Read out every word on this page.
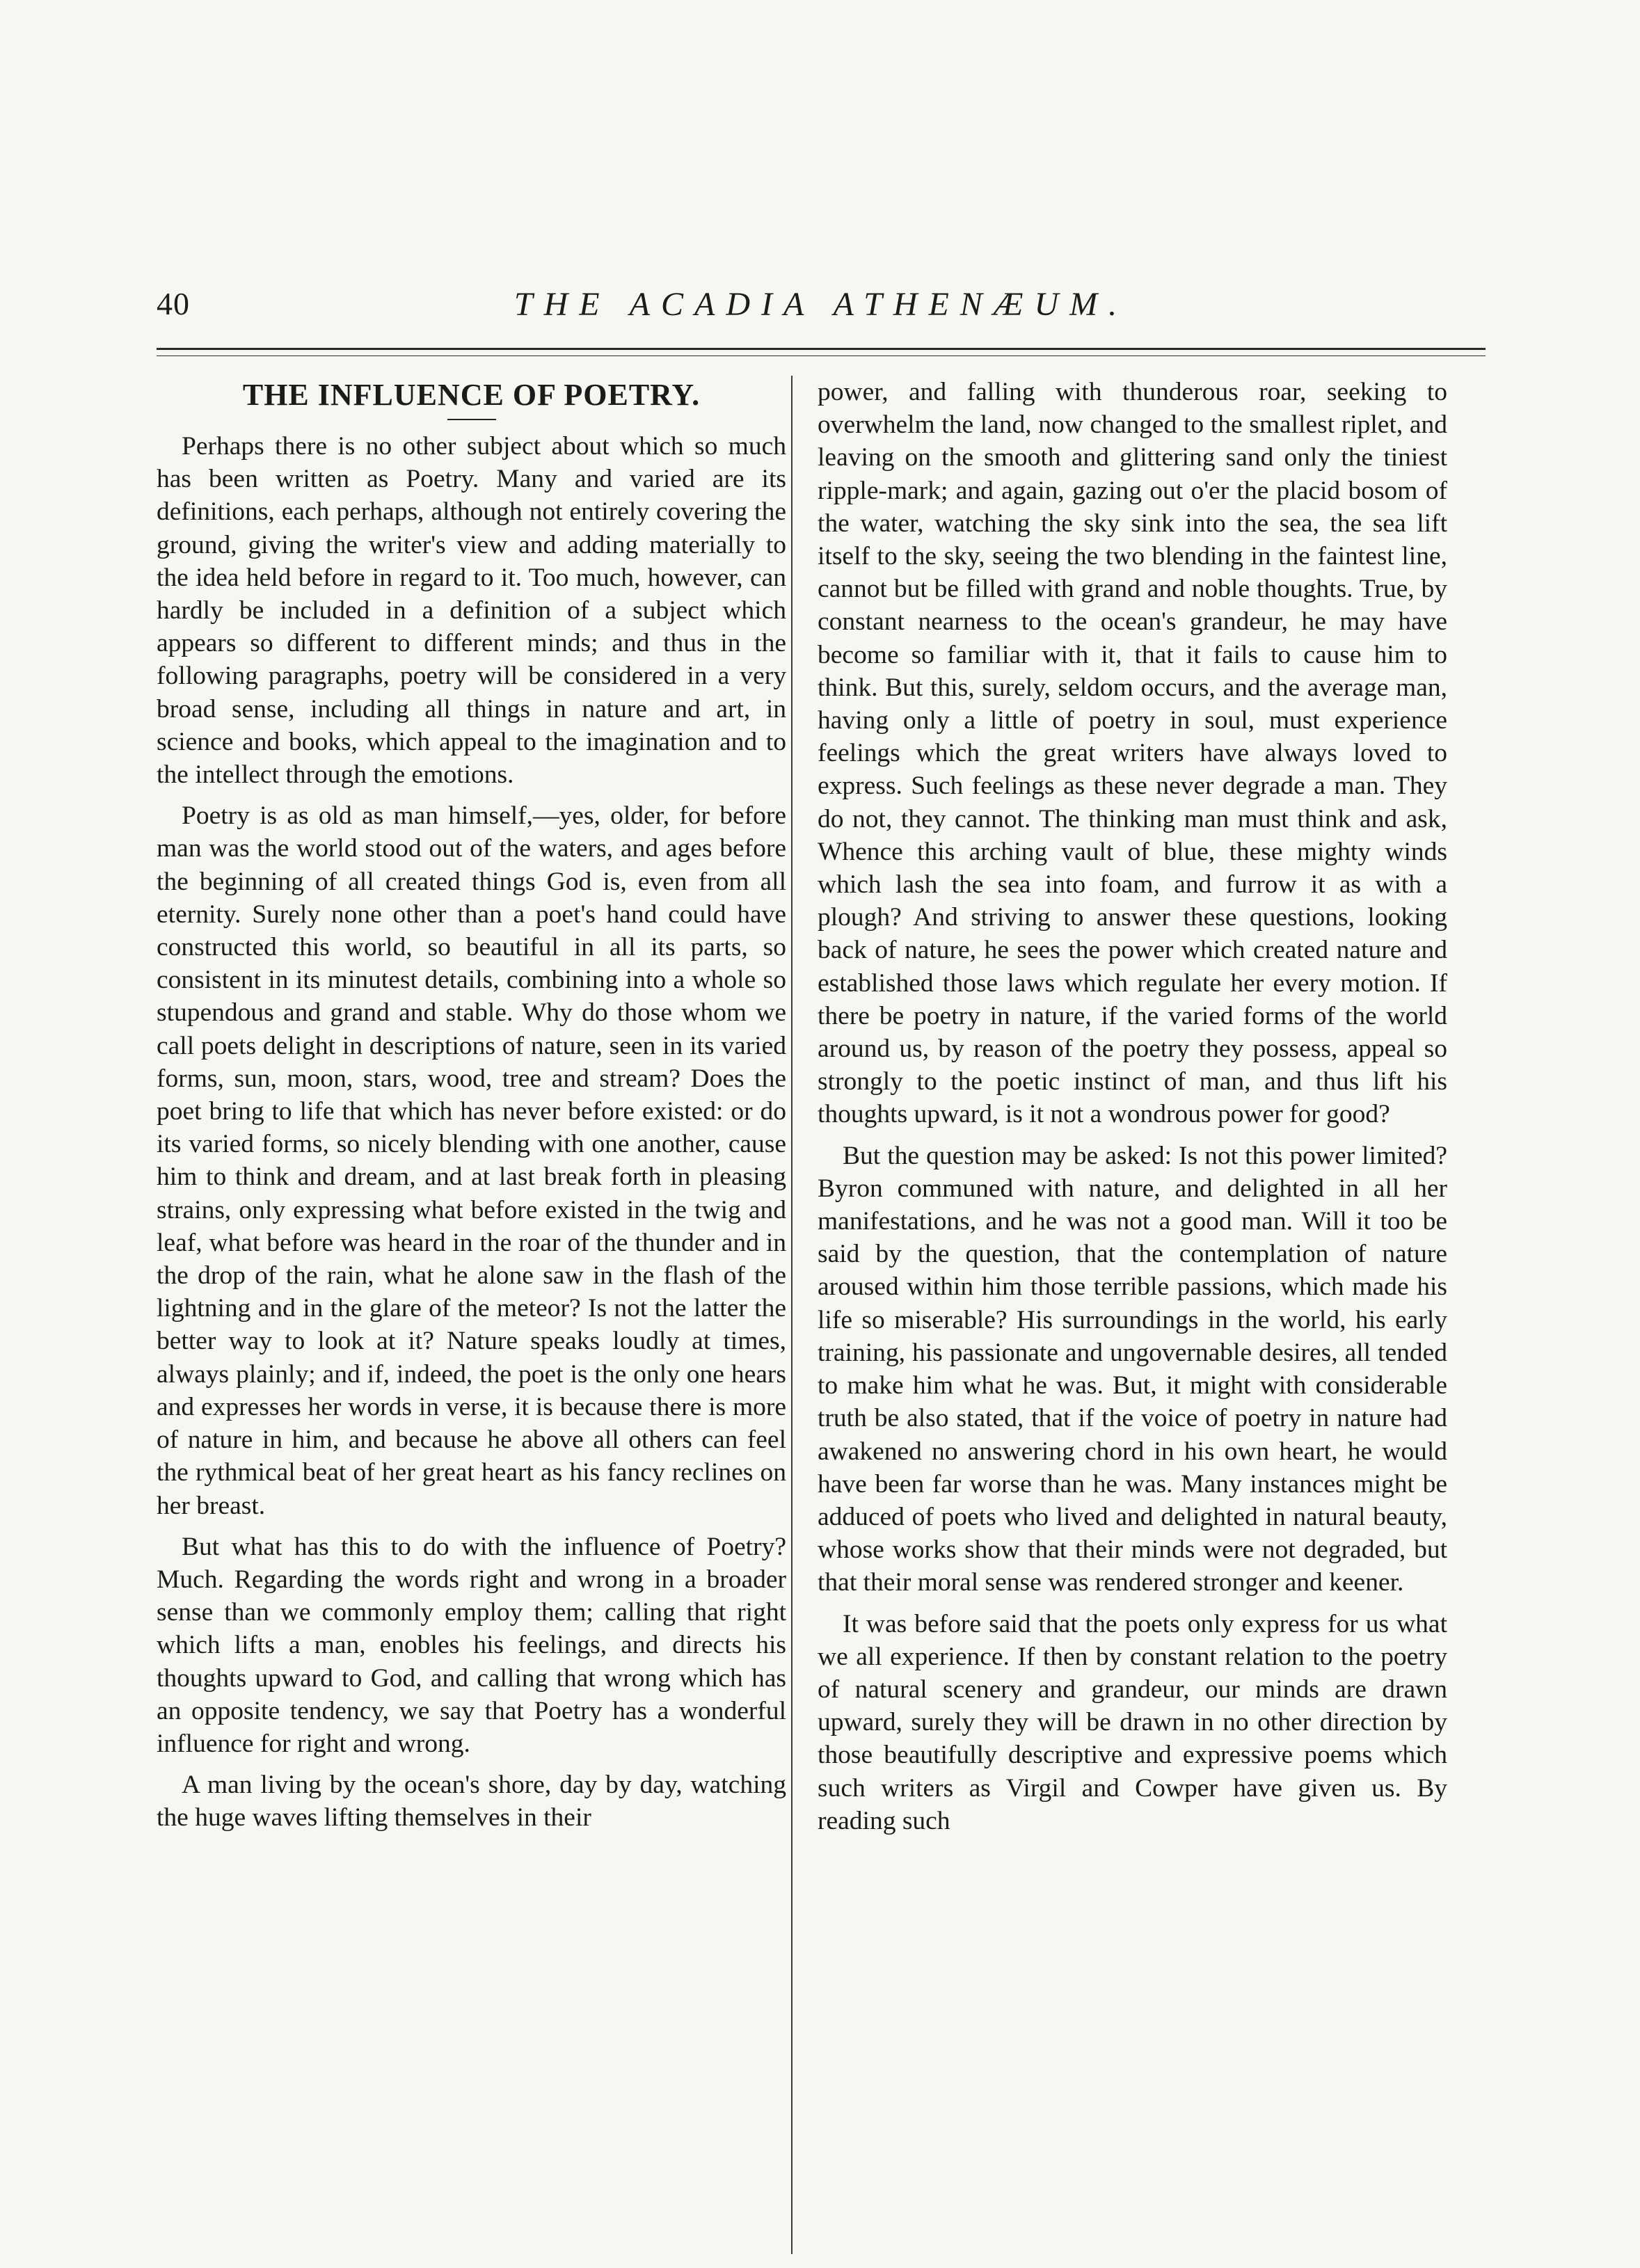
40	THE ACADIA ATHENÆUM.
THE INFLUENCE OF POETRY.

Perhaps there is no other subject about which so much has been written as Poetry. Many and varied are its definitions, each perhaps, although not entirely covering the ground, giving the writer's view and adding materially to the idea held before in regard to it. Too much, however, can hardly be included in a definition of a subject which appears so different to different minds; and thus in the following paragraphs, poetry will be considered in a very broad sense, including all things in nature and art, in science and books, which appeal to the imagination and to the intellect through the emotions.

Poetry is as old as man himself,—yes, older, for before man was the world stood out of the waters, and ages before the beginning of all created things God is, even from all eternity. Surely none other than a poet's hand could have constructed this world, so beautiful in all its parts, so consistent in its minutest details, combining into a whole so stupendous and grand and stable. Why do those whom we call poets delight in descriptions of nature, seen in its varied forms, sun, moon, stars, wood, tree and stream? Does the poet bring to life that which has never before existed: or do its varied forms, so nicely blending with one another, cause him to think and dream, and at last break forth in pleasing strains, only expressing what before existed in the twig and leaf, what before was heard in the roar of the thunder and in the drop of the rain, what he alone saw in the flash of the lightning and in the glare of the meteor? Is not the latter the better way to look at it? Nature speaks loudly at times, always plainly; and if, indeed, the poet is the only one hears and expresses her words in verse, it is because there is more of nature in him, and because he above all others can feel the rythmical beat of her great heart as his fancy reclines on her breast.

But what has this to do with the influence of Poetry? Much. Regarding the words right and wrong in a broader sense than we commonly employ them; calling that right which lifts a man, enobles his feelings, and directs his thoughts upward to God, and calling that wrong which has an opposite tendency, we say that Poetry has a wonderful influence for right and wrong.

A man living by the ocean's shore, day by day, watching the huge waves lifting themselves in their

power, and falling with thunderous roar, seeking to overwhelm the land, now changed to the smallest riplet, and leaving on the smooth and glittering sand only the tiniest ripple-mark; and again, gazing out o'er the placid bosom of the water, watching the sky sink into the sea, the sea lift itself to the sky, seeing the two blending in the faintest line, cannot but be filled with grand and noble thoughts. True, by constant nearness to the ocean's grandeur, he may have become so familiar with it, that it fails to cause him to think. But this, surely, seldom occurs, and the average man, having only a little of poetry in soul, must experience feelings which the great writers have always loved to express. Such feelings as these never degrade a man. They do not, they cannot. The thinking man must think and ask, Whence this arching vault of blue, these mighty winds which lash the sea into foam, and furrow it as with a plough? And striving to answer these questions, looking back of nature, he sees the power which created nature and established those laws which regulate her every motion. If there be poetry in nature, if the varied forms of the world around us, by reason of the poetry they possess, appeal so strongly to the poetic instinct of man, and thus lift his thoughts upward, is it not a wondrous power for good?

But the question may be asked: Is not this power limited? Byron communed with nature, and delighted in all her manifestations, and he was not a good man. Will it too be said by the question, that the contemplation of nature aroused within him those terrible passions, which made his life so miserable? His surroundings in the world, his early training, his passionate and ungovernable desires, all tended to make him what he was. But, it might with considerable truth be also stated, that if the voice of poetry in nature had awakened no answering chord in his own heart, he would have been far worse than he was. Many instances might be adduced of poets who lived and delighted in natural beauty, whose works show that their minds were not degraded, but that their moral sense was rendered stronger and keener.

It was before said that the poets only express for us what we all experience. If then by constant relation to the poetry of natural scenery and grandeur, our minds are drawn upward, surely they will be drawn in no other direction by those beautifully descriptive and expressive poems which such writers as Virgil and Cowper have given us. By reading such
